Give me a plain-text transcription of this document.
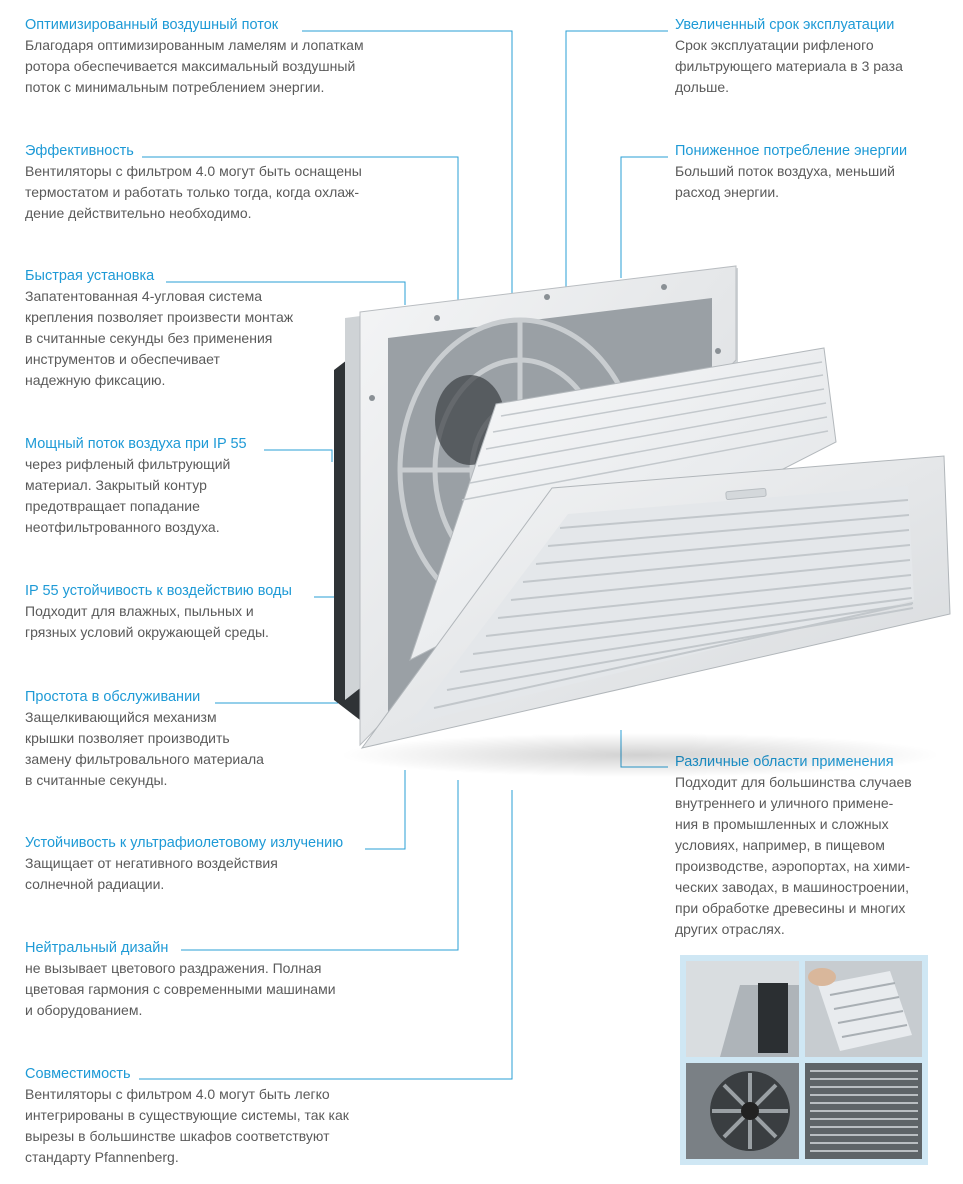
Оптимизированный воздушный поток
Благодаря оптимизированным ламелям и лопаткам
ротора обеспечивается максимальный воздушный
поток с минимальным потреблением энергии.
Эффективность
Вентиляторы с фильтром 4.0 могут быть оснащены
термостатом и работать только тогда, когда охлаж-
дение действительно необходимо.
Быстрая установка
Запатентованная 4-угловая система
крепления позволяет произвести монтаж
в считанные секунды без применения
инструментов и обеспечивает
надежную фиксацию.
Мощный поток воздуха при IP 55
через рифленый фильтрующий
материал. Закрытый контур
предотвращает попадание
неотфильтрованного воздуха.
IP 55 устойчивость к воздействию воды
Подходит для влажных, пыльных и
грязных условий окружающей среды.
Простота в обслуживании
Защелкивающийся механизм
крышки позволяет производить
замену фильтровального материала
в считанные секунды.
Устойчивость к ультрафиолетовому излучению
Защищает от негативного воздействия
солнечной радиации.
Нейтральный дизайн
не вызывает цветового раздражения. Полная
цветовая гармония с современными машинами
и оборудованием.
Совместимость
Вентиляторы с фильтром 4.0 могут быть легко
интегрированы в существующие системы, так как
вырезы в большинстве шкафов соответствуют
стандарту Pfannenberg.
Увеличенный срок эксплуатации
Срок эксплуатации рифленого
фильтрующего материала в 3 раза
дольше.
Пониженное потребление энергии
Больший поток воздуха, меньший
расход энергии.
Подходит для большинства случаев
внутреннего и уличного примене-
ния в промышленных и сложных
условиях, например, в пищевом
производстве, аэропортах, на хими-
ческих заводах, в машиностроении,
при обработке древесины и многих
других отраслях.
